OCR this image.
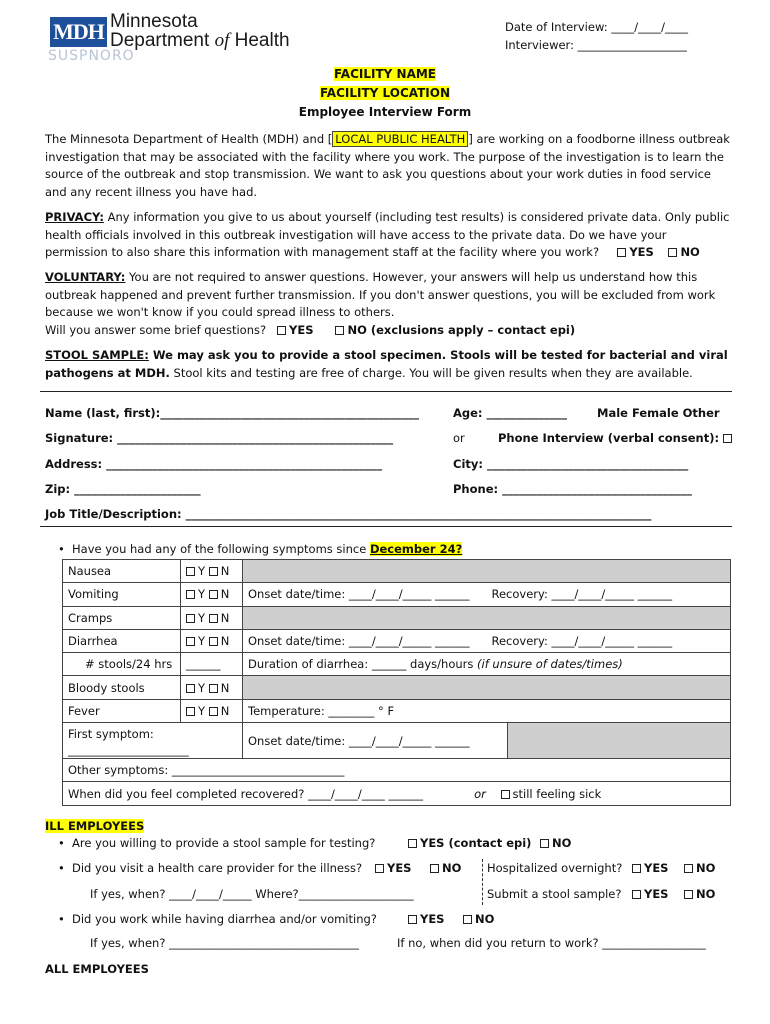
MDH Minnesota
Department of Health
SUSPNORO
Date of Interview: ____/____/____
Interviewer: ___________________
FACILITY NAME
FACILITY LOCATION
Employee Interview Form
The Minnesota Department of Health (MDH) and [ LOCAL PUBLIC HEALTH ] are working on a foodborne illness outbreak investigation that may be associated with the facility where you work. The purpose of the investigation is to learn the source of the outbreak and stop transmission. We want to ask you questions about your work duties in food service and any recent illness you have had.
PRIVACY: Any information you give to us about yourself (including test results) is considered private data. Only public health officials involved in this outbreak investigation will have access to the private data. Do we have your permission to also share this information with management staff at the facility where you work?	YES NO
VOLUNTARY: You are not required to answer questions. However, your answers will help us understand how this outbreak happened and prevent further transmission. If you don't answer questions, you will be excluded from work because we won't know if you could spread illness to others.
Will you answer some brief questions? YES	NO (exclusions apply – contact epi)
STOOL SAMPLE: We may ask you to provide a stool specimen. Stools will be tested for bacterial and viral pathogens at MDH. Stool kits and testing are free of charge. You will be given results when they are available.
Name (last, first):_____________________________________________	Age: ______________	Male Female Other
Signature: ________________________________________________	or	Phone Interview (verbal consent):
Address: ________________________________________________	City: ___________________________________
Zip: ______________________	Phone: _________________________________
Job Title/Description: _________________________________________________________________________________
• Have you had any of the following symptoms since December 24?
Nausea	Y N		
Vomiting	Y N	Onset date/time: ____/____/_____ ______ Recovery: ____/____/_____ ______	
Cramps	Y N		
Diarrhea	Y N	Onset date/time: ____/____/_____ ______ Recovery: ____/____/_____ ______	
# stools/24 hrs	______	Duration of diarrhea: ______ days/hours (if unsure of dates/times)	
Bloody stools	Y N		
Fever	Y N	Temperature: ________ ° F	
First symptom:
_____________________		Onset date/time: ____/____/_____ ______	
Other symptoms: ______________________________			
When did you feel completed recovered? ____/____/____ ______ or still feeling sick			
ILL EMPLOYEES
• Are you willing to provide a stool sample for testing?	YES (contact epi)	NO
• Did you visit a health care provider for the illness?	YES	NO Hospitalized overnight?	YES	NO
If yes, when? ____/____/_____ Where?____________________	Submit a stool sample?	YES	NO
• Did you work while having diarrhea and/or vomiting?	YES	NO
If yes, when? _________________________________	If no, when did you return to work? __________________
ALL EMPLOYEES
